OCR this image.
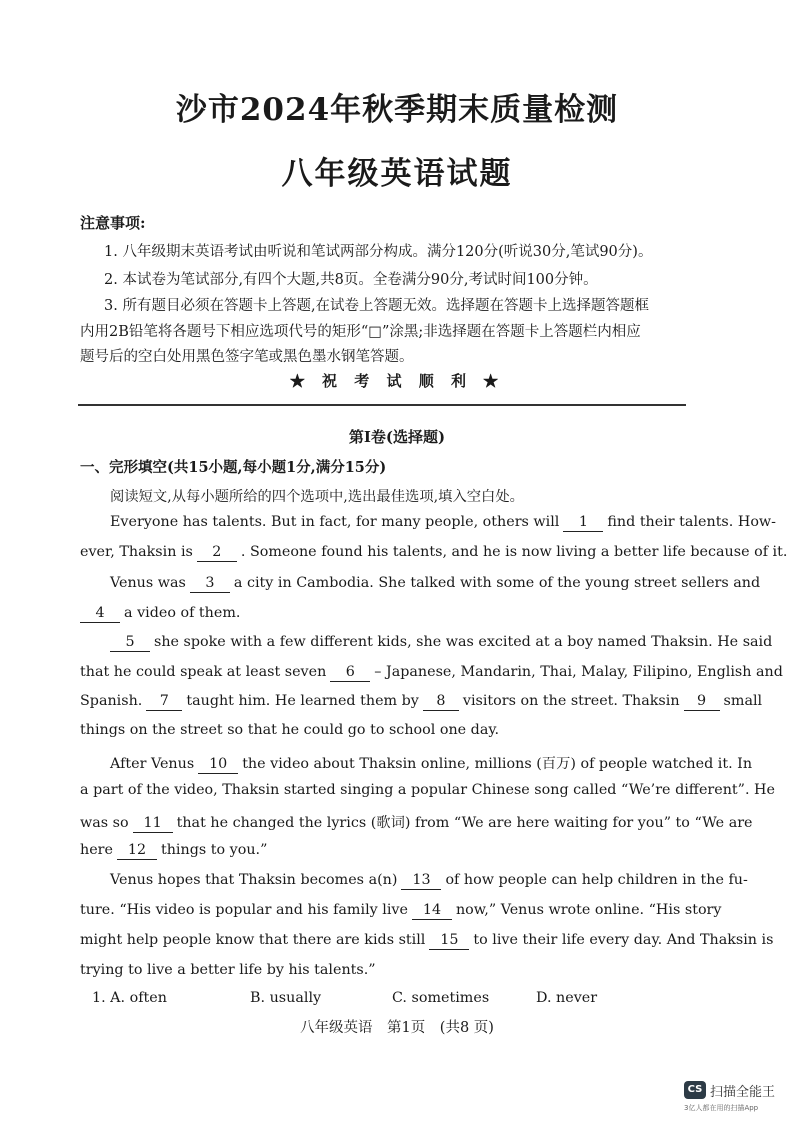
沙市2024年秋季期末质量检测
八年级英语试题
注意事项:
1. 八年级期末英语考试由听说和笔试两部分构成。满分120分(听说30分,笔试90分)。
2. 本试卷为笔试部分,有四个大题,共8页。全卷满分90分,考试时间100分钟。
3. 所有题目必须在答题卡上答题,在试卷上答题无效。选择题在答题卡上选择题答题框
内用2B铅笔将各题号下相应选项代号的矩形“□”涂黑;非选择题在答题卡上答题栏内相应
题号后的空白处用黑色签字笔或黑色墨水钢笔答题。
★ 祝 考 试 顺 利 ★
第Ⅰ卷(选择题)
一、完形填空(共15小题,每小题1分,满分15分)
阅读短文,从每小题所给的四个选项中,选出最佳选项,填入空白处。
Everyone has talents. But in fact, for many people, others will 1 find their talents. How-
ever, Thaksin is 2 . Someone found his talents, and he is now living a better life because of it.
Venus was 3 a city in Cambodia. She talked with some of the young street sellers and
4 a video of them.
5 she spoke with a few different kids, she was excited at a boy named Thaksin. He said
that he could speak at least seven 6 – Japanese, Mandarin, Thai, Malay, Filipino, English and
Spanish. 7 taught him. He learned them by 8 visitors on the street. Thaksin 9 small
things on the street so that he could go to school one day.
After Venus 10 the video about Thaksin online, millions (百万) of people watched it. In
a part of the video, Thaksin started singing a popular Chinese song called “We’re different”. He
was so 11 that he changed the lyrics (歌词) from “We are here waiting for you” to “We are
here 12 things to you.”
Venus hopes that Thaksin becomes a(n) 13 of how people can help children in the fu-
ture. “His video is popular and his family live 14 now,” Venus wrote online. “His story
might help people know that there are kids still 15 to live their life every day. And Thaksin is
trying to live a better life by his talents.”
1. A. often	B. usually	C. sometimes	D. never
八年级英语　第1页　(共8 页)
CS 扫描全能王
3亿人都在用的扫描App
